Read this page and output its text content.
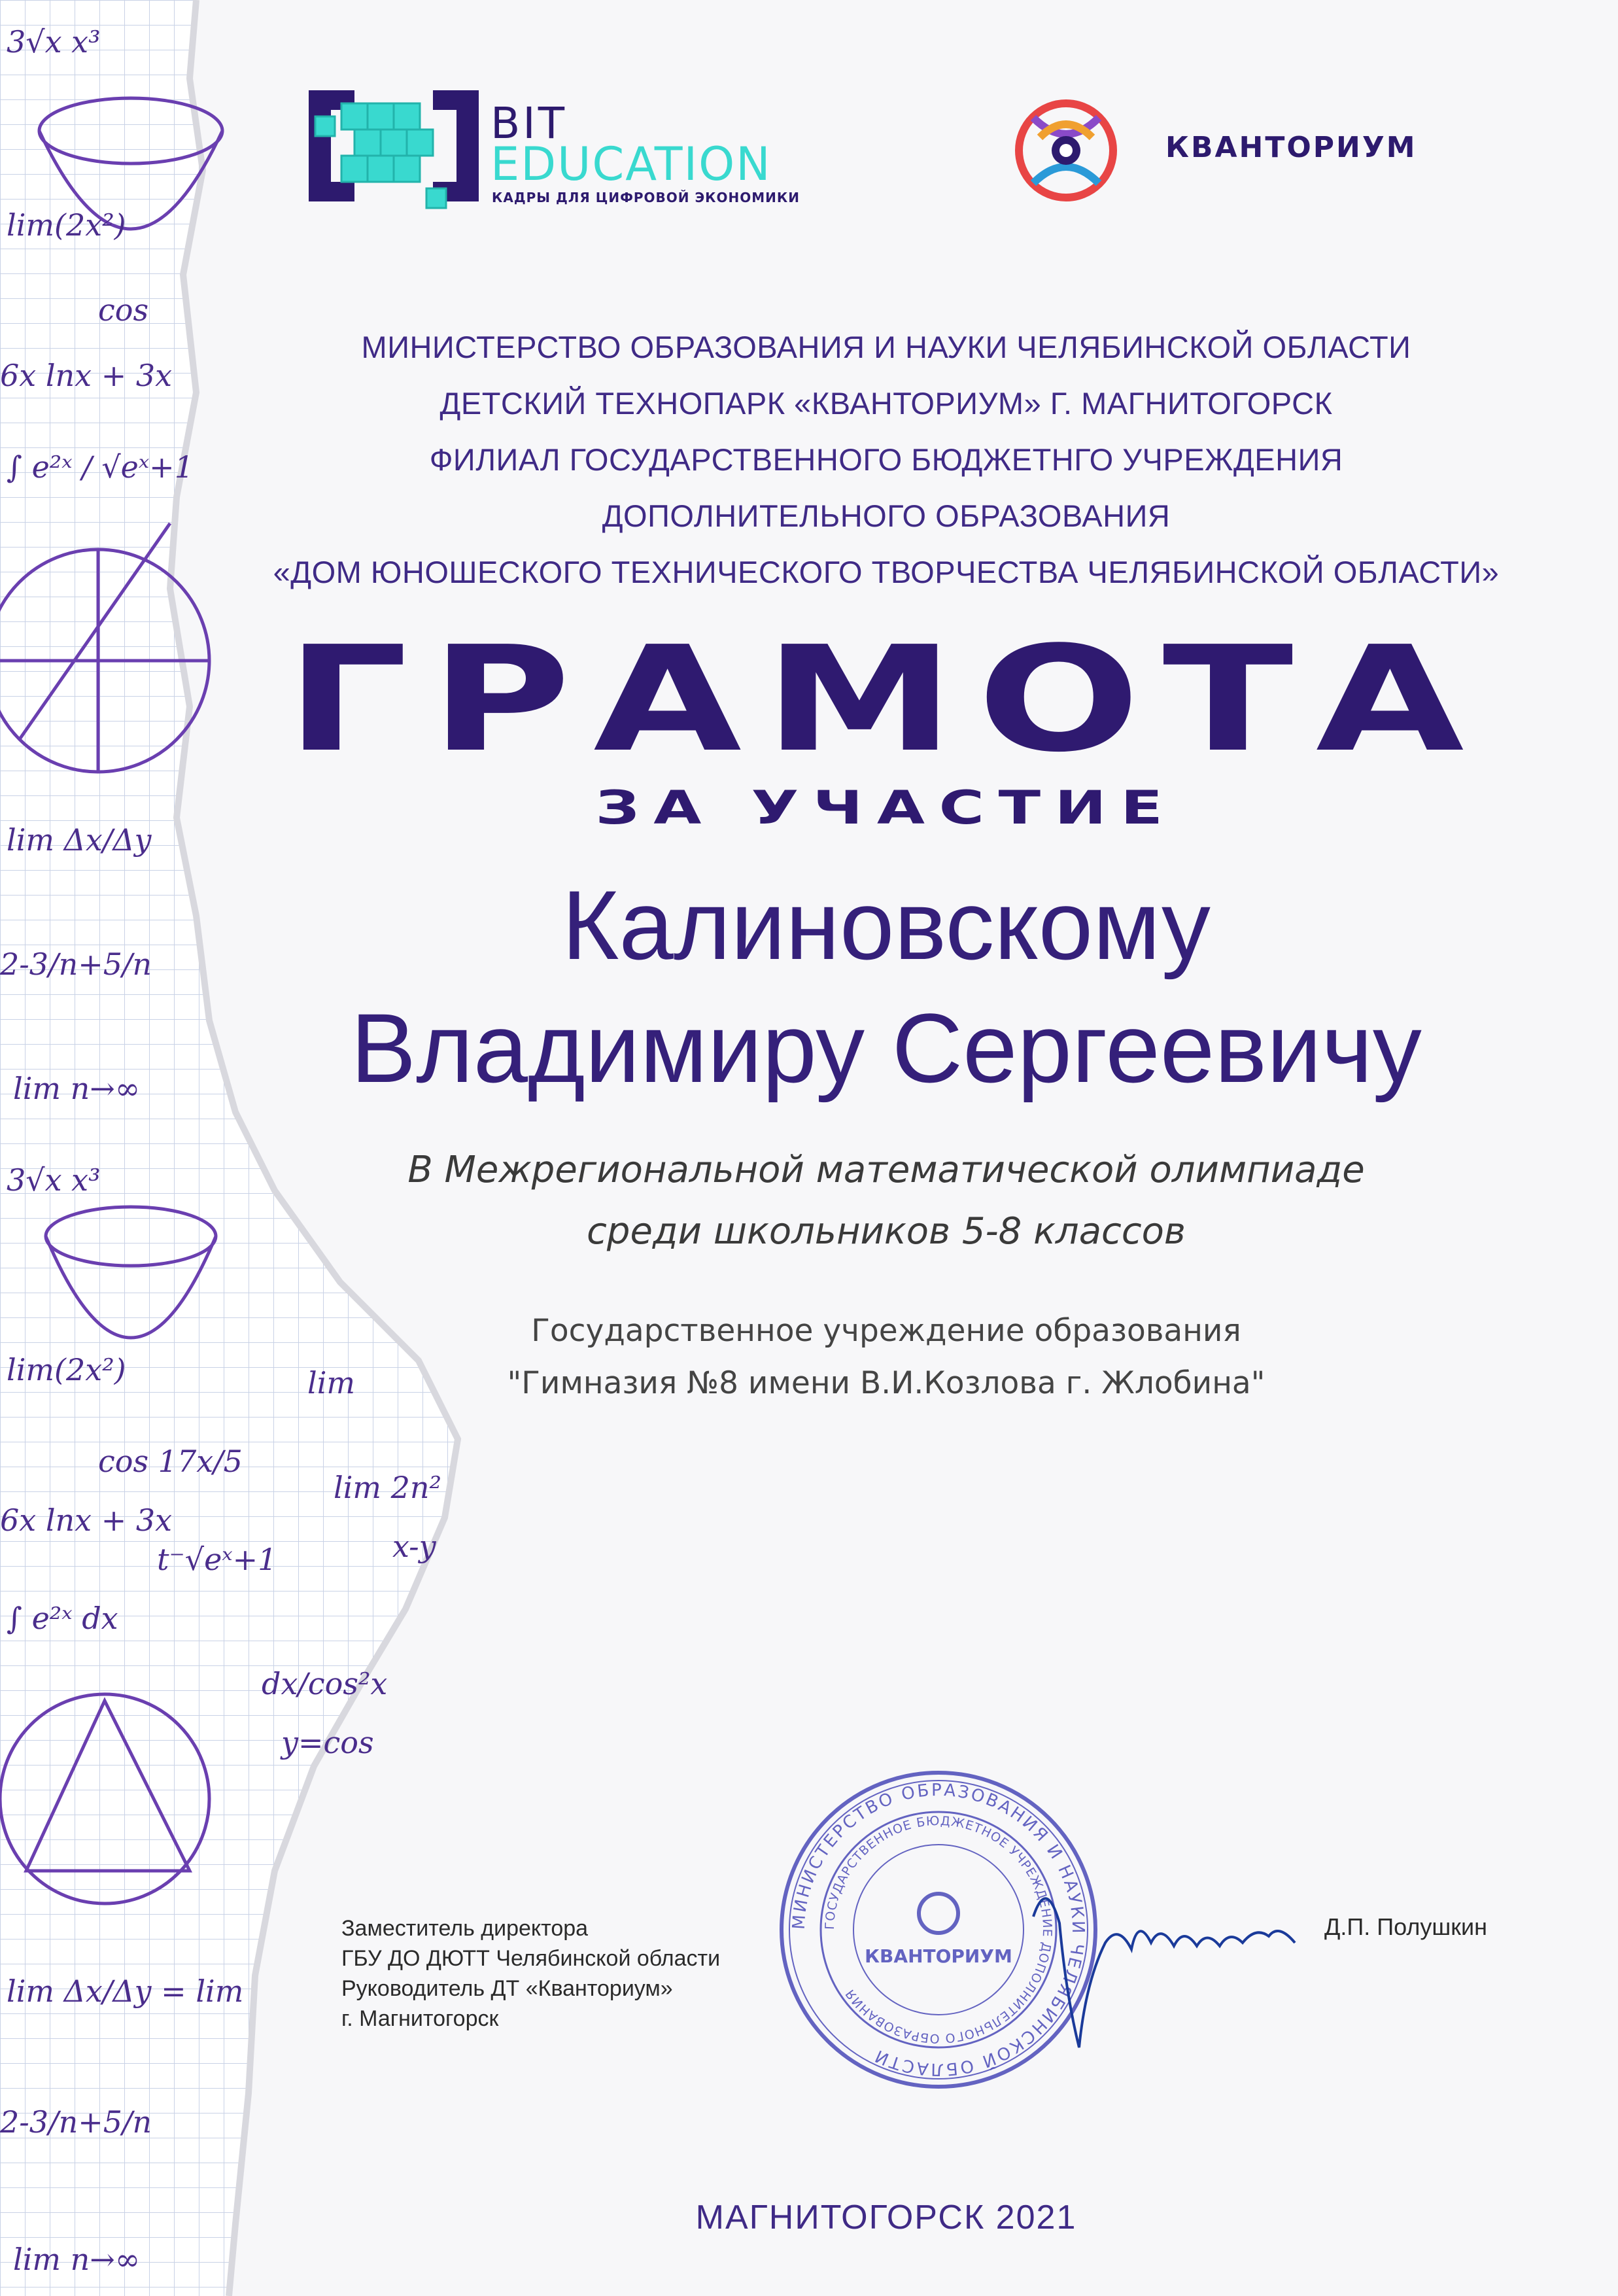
3√x x³
lim(2x²)
cos
6x lnx + 3x
∫ e²ˣ / √eˣ+1
lim Δx/Δy
2-3/n+5/n
lim n→∞
3√x x³
lim(2x²)
cos 17x/5
6x lnx + 3x
t⁻√eˣ+1
∫ e²ˣ dx
dx/cos²x
y=cos
lim Δx/Δy = lim
2-3/n+5/n
lim n→∞
lim
lim 2n²
x-y
BIT
EDUCATION
КАДРЫ ДЛЯ ЦИФРОВОЙ ЭКОНОМИКИ
КВАНТОРИУМ
МИНИСТЕРСТВО ОБРАЗОВАНИЯ И НАУКИ ЧЕЛЯБИНСКОЙ ОБЛАСТИ
ДЕТСКИЙ ТЕХНОПАРК «КВАНТОРИУМ» Г. МАГНИТОГОРСК
ФИЛИАЛ ГОСУДАРСТВЕННОГО БЮДЖЕТНГО УЧРЕЖДЕНИЯ
ДОПОЛНИТЕЛЬНОГО ОБРАЗОВАНИЯ
«ДОМ ЮНОШЕСКОГО ТЕХНИЧЕСКОГО ТВОРЧЕСТВА ЧЕЛЯБИНСКОЙ ОБЛАСТИ»
ГРАМОТА
ЗА УЧАСТИЕ
Калиновскому
Владимиру Сергеевичу
В Межрегиональной математической олимпиаде
среди школьников 5-8 классов
Государственное учреждение образования
"Гимназия №8 имени В.И.Козлова г. Жлобина"
Заместитель директора
ГБУ ДО ДЮТТ Челябинской области
Руководитель ДТ «Кванториум»
г. Магнитогорск
МИНИСТЕРСТВО ОБРАЗОВАНИЯ И НАУКИ ЧЕЛЯБИНСКОЙ ОБЛАСТИ
ГОСУДАРСТВЕННОЕ БЮДЖЕТНОЕ УЧРЕЖДЕНИЕ ДОПОЛНИТЕЛЬНОГО ОБРАЗОВАНИЯ
КВАНТОРИУМ
Д.П. Полушкин
МАГНИТОГОРСК 2021
